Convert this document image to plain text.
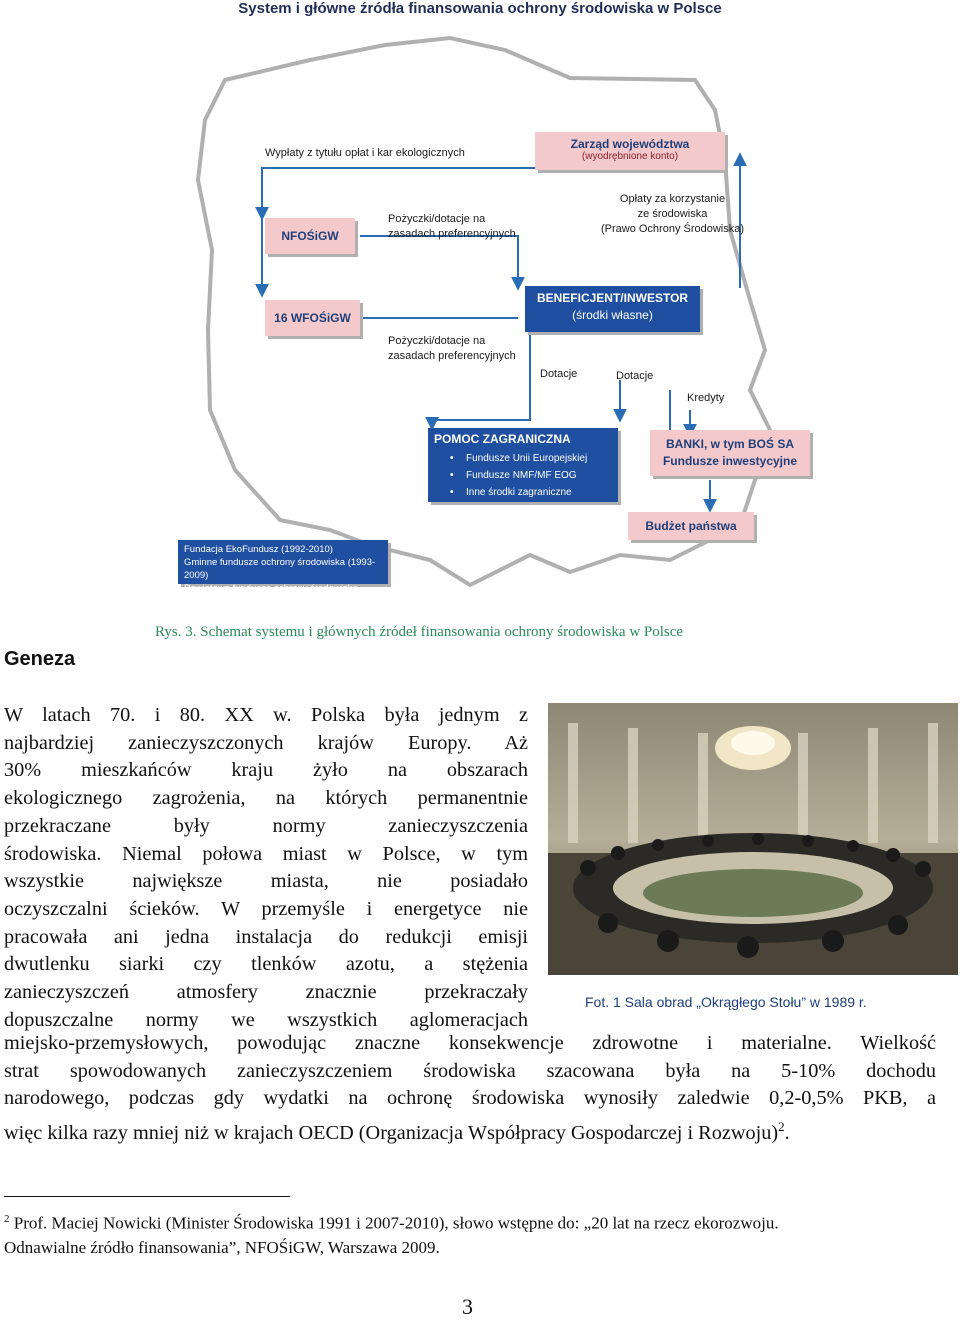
System i główne źródła finansowania ochrony środowiska w Polsce
Wypłaty z tytułu opłat i kar ekologicznych
Zarząd województwa
(wyodrębnione konto)
Opłaty za korzystanie
ze środowiska
(Prawo Ochrony Środowiska)
Pożyczki/dotacje na
zasadach preferencyjnych
NFOŚiGW
BENEFICJENT/INWESTOR
(środki własne)
16 WFOŚiGW
Pożyczki/dotacje na
zasadach preferencyjnych
Dotacje	Dotacje
Kredyty
POMOC ZAGRANICZNA
• Fundusze Unii Europejskiej
• Fundusze NMF/MF EOG
• Inne środki zagraniczne
BANKI, w tym BOŚ SA
Fundusze inwestycyjne
Budżet państwa
Fundacja EkoFundusz (1992-2010)
Gminne fundusze ochrony środowiska (1993-2009)
Powiatowe fundusze ochrony środowiska (1999-2009)
Rys. 3. Schemat systemu i głównych źródeł finansowania ochrony środowiska w Polsce
Geneza
W latach 70. i 80. XX w. Polska była jednym z
najbardziej zanieczyszczonych krajów Europy. Aż
30% mieszkańców kraju żyło na obszarach
ekologicznego zagrożenia, na których permanentnie
przekraczane były normy zanieczyszczenia
środowiska. Niemal połowa miast w Polsce, w tym
wszystkie największe miasta, nie posiadało
oczyszczalni ścieków. W przemyśle i energetyce nie
pracowała ani jedna instalacja do redukcji emisji
dwutlenku siarki czy tlenków azotu, a stężenia
zanieczyszczeń atmosfery znacznie przekraczały
dopuszczalne normy we wszystkich aglomeracjach
Fot. 1 Sala obrad „Okrągłego Stołu” w 1989 r.
miejsko-przemysłowych, powodując znaczne konsekwencje zdrowotne i materialne. Wielkość
strat spowodowanych zanieczyszczeniem środowiska szacowana była na 5-10% dochodu
narodowego, podczas gdy wydatki na ochronę środowiska wynosiły zaledwie 0,2-0,5% PKB, a
więc kilka razy mniej niż w krajach OECD (Organizacja Współpracy Gospodarczej i Rozwoju)$^2$.
$^2$ Prof. Maciej Nowicki (Minister Środowiska 1991 i 2007-2010), słowo wstępne do: „20 lat na rzecz ekorozwoju.
Odnawialne źródło finansowania”, NFOŚiGW, Warszawa 2009.
3
